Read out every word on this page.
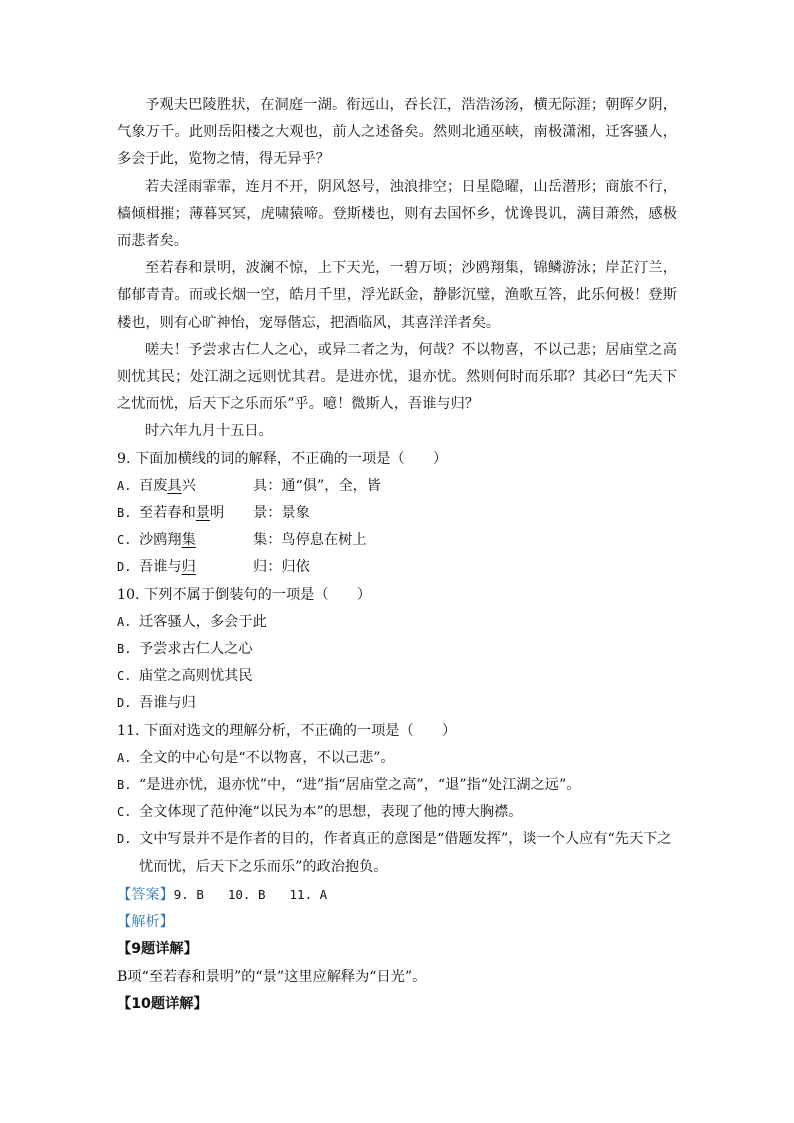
予观夫巴陵胜状，在洞庭一湖。衔远山，吞长江，浩浩汤汤，横无际涯；朝晖夕阴，气象万千。此则岳阳楼之大观也，前人之述备矣。然则北通巫峡，南极潇湘，迁客骚人，多会于此，览物之情，得无异乎？

若夫淫雨霏霏，连月不开，阴风怒号，浊浪排空；日星隐曜，山岳潜形；商旅不行，樯倾楫摧；薄暮冥冥，虎啸猿啼。登斯楼也，则有去国怀乡，忧谗畏讥，满目萧然，感极而悲者矣。

至若春和景明，波澜不惊，上下天光，一碧万顷；沙鸥翔集，锦鳞游泳；岸芷汀兰，郁郁青青。而或长烟一空，皓月千里，浮光跃金，静影沉璧，渔歌互答，此乐何极！登斯楼也，则有心旷神怡，宠辱偕忘，把酒临风，其喜洋洋者矣。

嗟夫！予尝求古仁人之心，或异二者之为，何哉？不以物喜，不以己悲；居庙堂之高则忧其民；处江湖之远则忧其君。是进亦忧，退亦忧。然则何时而乐耶？其必曰“先天下之忧而忧，后天下之乐而乐”乎。噫！微斯人，吾谁与归？

时六年九月十五日。

9. 下面加横线的词的解释，不正确的一项是（　　）

A. 百废具兴	具：通“俱”，全，皆
B. 至若春和景明	景：景象
C. 沙鸥翔集	集：鸟停息在树上
D. 吾谁与归	归：归依

10. 下列不属于倒装句的一项是（　　）

A. 迁客骚人，多会于此
B. 予尝求古仁人之心
C. 庙堂之高则忧其民
D. 吾谁与归

11. 下面对选文的理解分析，不正确的一项是（　　）

A. 全文的中心句是“不以物喜，不以己悲”。
B. “是进亦忧，退亦忧”中，“进”指“居庙堂之高”，“退”指“处江湖之远”。
C. 全文体现了范仲淹“以民为本”的思想，表现了他的博大胸襟。
D. 文中写景并不是作者的目的，作者真正的意图是“借题发挥”，谈一个人应有“先天下之忧而忧，后天下之乐而乐”的政治抱负。
【答案】 9. B 10. B 11. A

【解析】

【9题详解】

B项“至若春和景明”的“景”这里应解释为“日光”。

【10题详解】
